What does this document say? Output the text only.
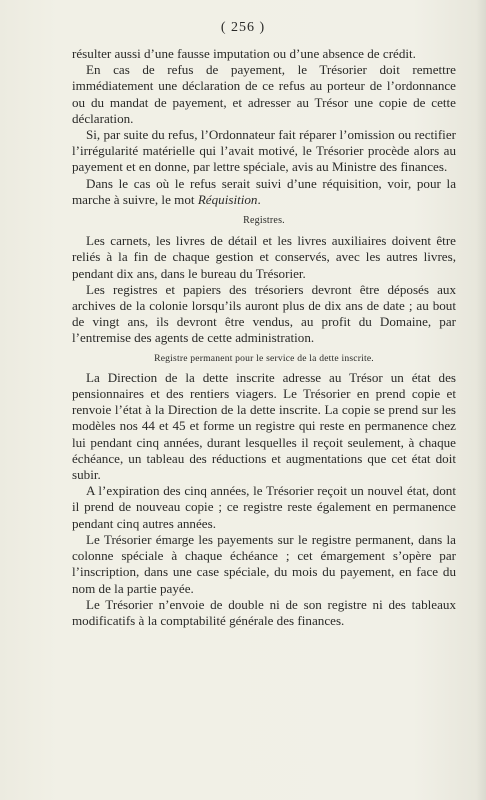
( 256 )

résulter aussi d’une fausse imputation ou d’une absence de crédit.

En cas de refus de payement, le Trésorier doit remettre immédiatement une déclaration de ce refus au porteur de l’ordonnance ou du mandat de payement, et adresser au Trésor une copie de cette déclaration.

Si, par suite du refus, l’Ordonnateur fait réparer l’omission ou rectifier l’irrégularité matérielle qui l’avait motivé, le Trésorier procède alors au payement et en donne, par lettre spéciale, avis au Ministre des finances.

Dans le cas où le refus serait suivi d’une réquisition, voir, pour la marche à suivre, le mot Réquisition.

Registres.

Les carnets, les livres de détail et les livres auxiliaires doivent être reliés à la fin de chaque gestion et conservés, avec les autres livres, pendant dix ans, dans le bureau du Trésorier.

Les registres et papiers des trésoriers devront être déposés aux archives de la colonie lorsqu’ils auront plus de dix ans de date ; au bout de vingt ans, ils devront être vendus, au profit du Domaine, par l’entremise des agents de cette administration.

Registre permanent pour le service de la dette inscrite.

La Direction de la dette inscrite adresse au Trésor un état des pensionnaires et des rentiers viagers. Le Trésorier en prend copie et renvoie l’état à la Direction de la dette inscrite. La copie se prend sur les modèles nos 44 et 45 et forme un registre qui reste en permanence chez lui pendant cinq années, durant lesquelles il reçoit seulement, à chaque échéance, un tableau des réductions et augmentations que cet état doit subir.

A l’expiration des cinq années, le Trésorier reçoit un nouvel état, dont il prend de nouveau copie ; ce registre reste également en permanence pendant cinq autres années.

Le Trésorier émarge les payements sur le registre permanent, dans la colonne spéciale à chaque échéance ; cet émargement s’opère par l’inscription, dans une case spéciale, du mois du payement, en face du nom de la partie payée.

Le Trésorier n’envoie de double ni de son registre ni des tableaux modificatifs à la comptabilité générale des finances.
